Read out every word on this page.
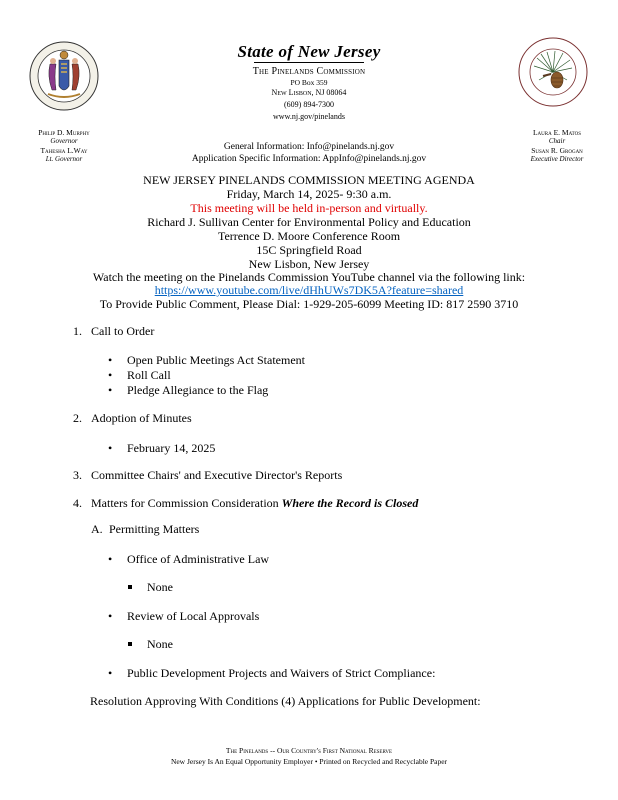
State of New Jersey
The Pinelands Commission
PO Box 359
New Lisbon, NJ 08064
(609) 894-7300
www.nj.gov/pinelands
Philip D. Murphy
Governor
Tahesha L.Way
Lt. Governor
Laura E. Matos
Chair
Susan R. Grogan
Executive Director
General Information: Info@pinelands.nj.gov
Application Specific Information: AppInfo@pinelands.nj.gov
NEW JERSEY PINELANDS COMMISSION MEETING AGENDA
Friday, March 14, 2025- 9:30 a.m.
This meeting will be held in-person and virtually.
Richard J. Sullivan Center for Environmental Policy and Education
Terrence D. Moore Conference Room
15C Springfield Road
New Lisbon, New Jersey
Watch the meeting on the Pinelands Commission YouTube channel via the following link:
https://www.youtube.com/live/dHhUWs7DK5A?feature=shared
To Provide Public Comment, Please Dial: 1-929-205-6099 Meeting ID: 817 2590 3710
1. Call to Order
• Open Public Meetings Act Statement
• Roll Call
• Pledge Allegiance to the Flag
2. Adoption of Minutes
• February 14, 2025
3. Committee Chairs' and Executive Director's Reports
4. Matters for Commission Consideration Where the Record is Closed
A. Permitting Matters
• Office of Administrative Law
None
• Review of Local Approvals
None
• Public Development Projects and Waivers of Strict Compliance:
Resolution Approving With Conditions (4) Applications for Public Development:
The Pinelands -- Our Country's First National Reserve
New Jersey Is An Equal Opportunity Employer • Printed on Recycled and Recyclable Paper
